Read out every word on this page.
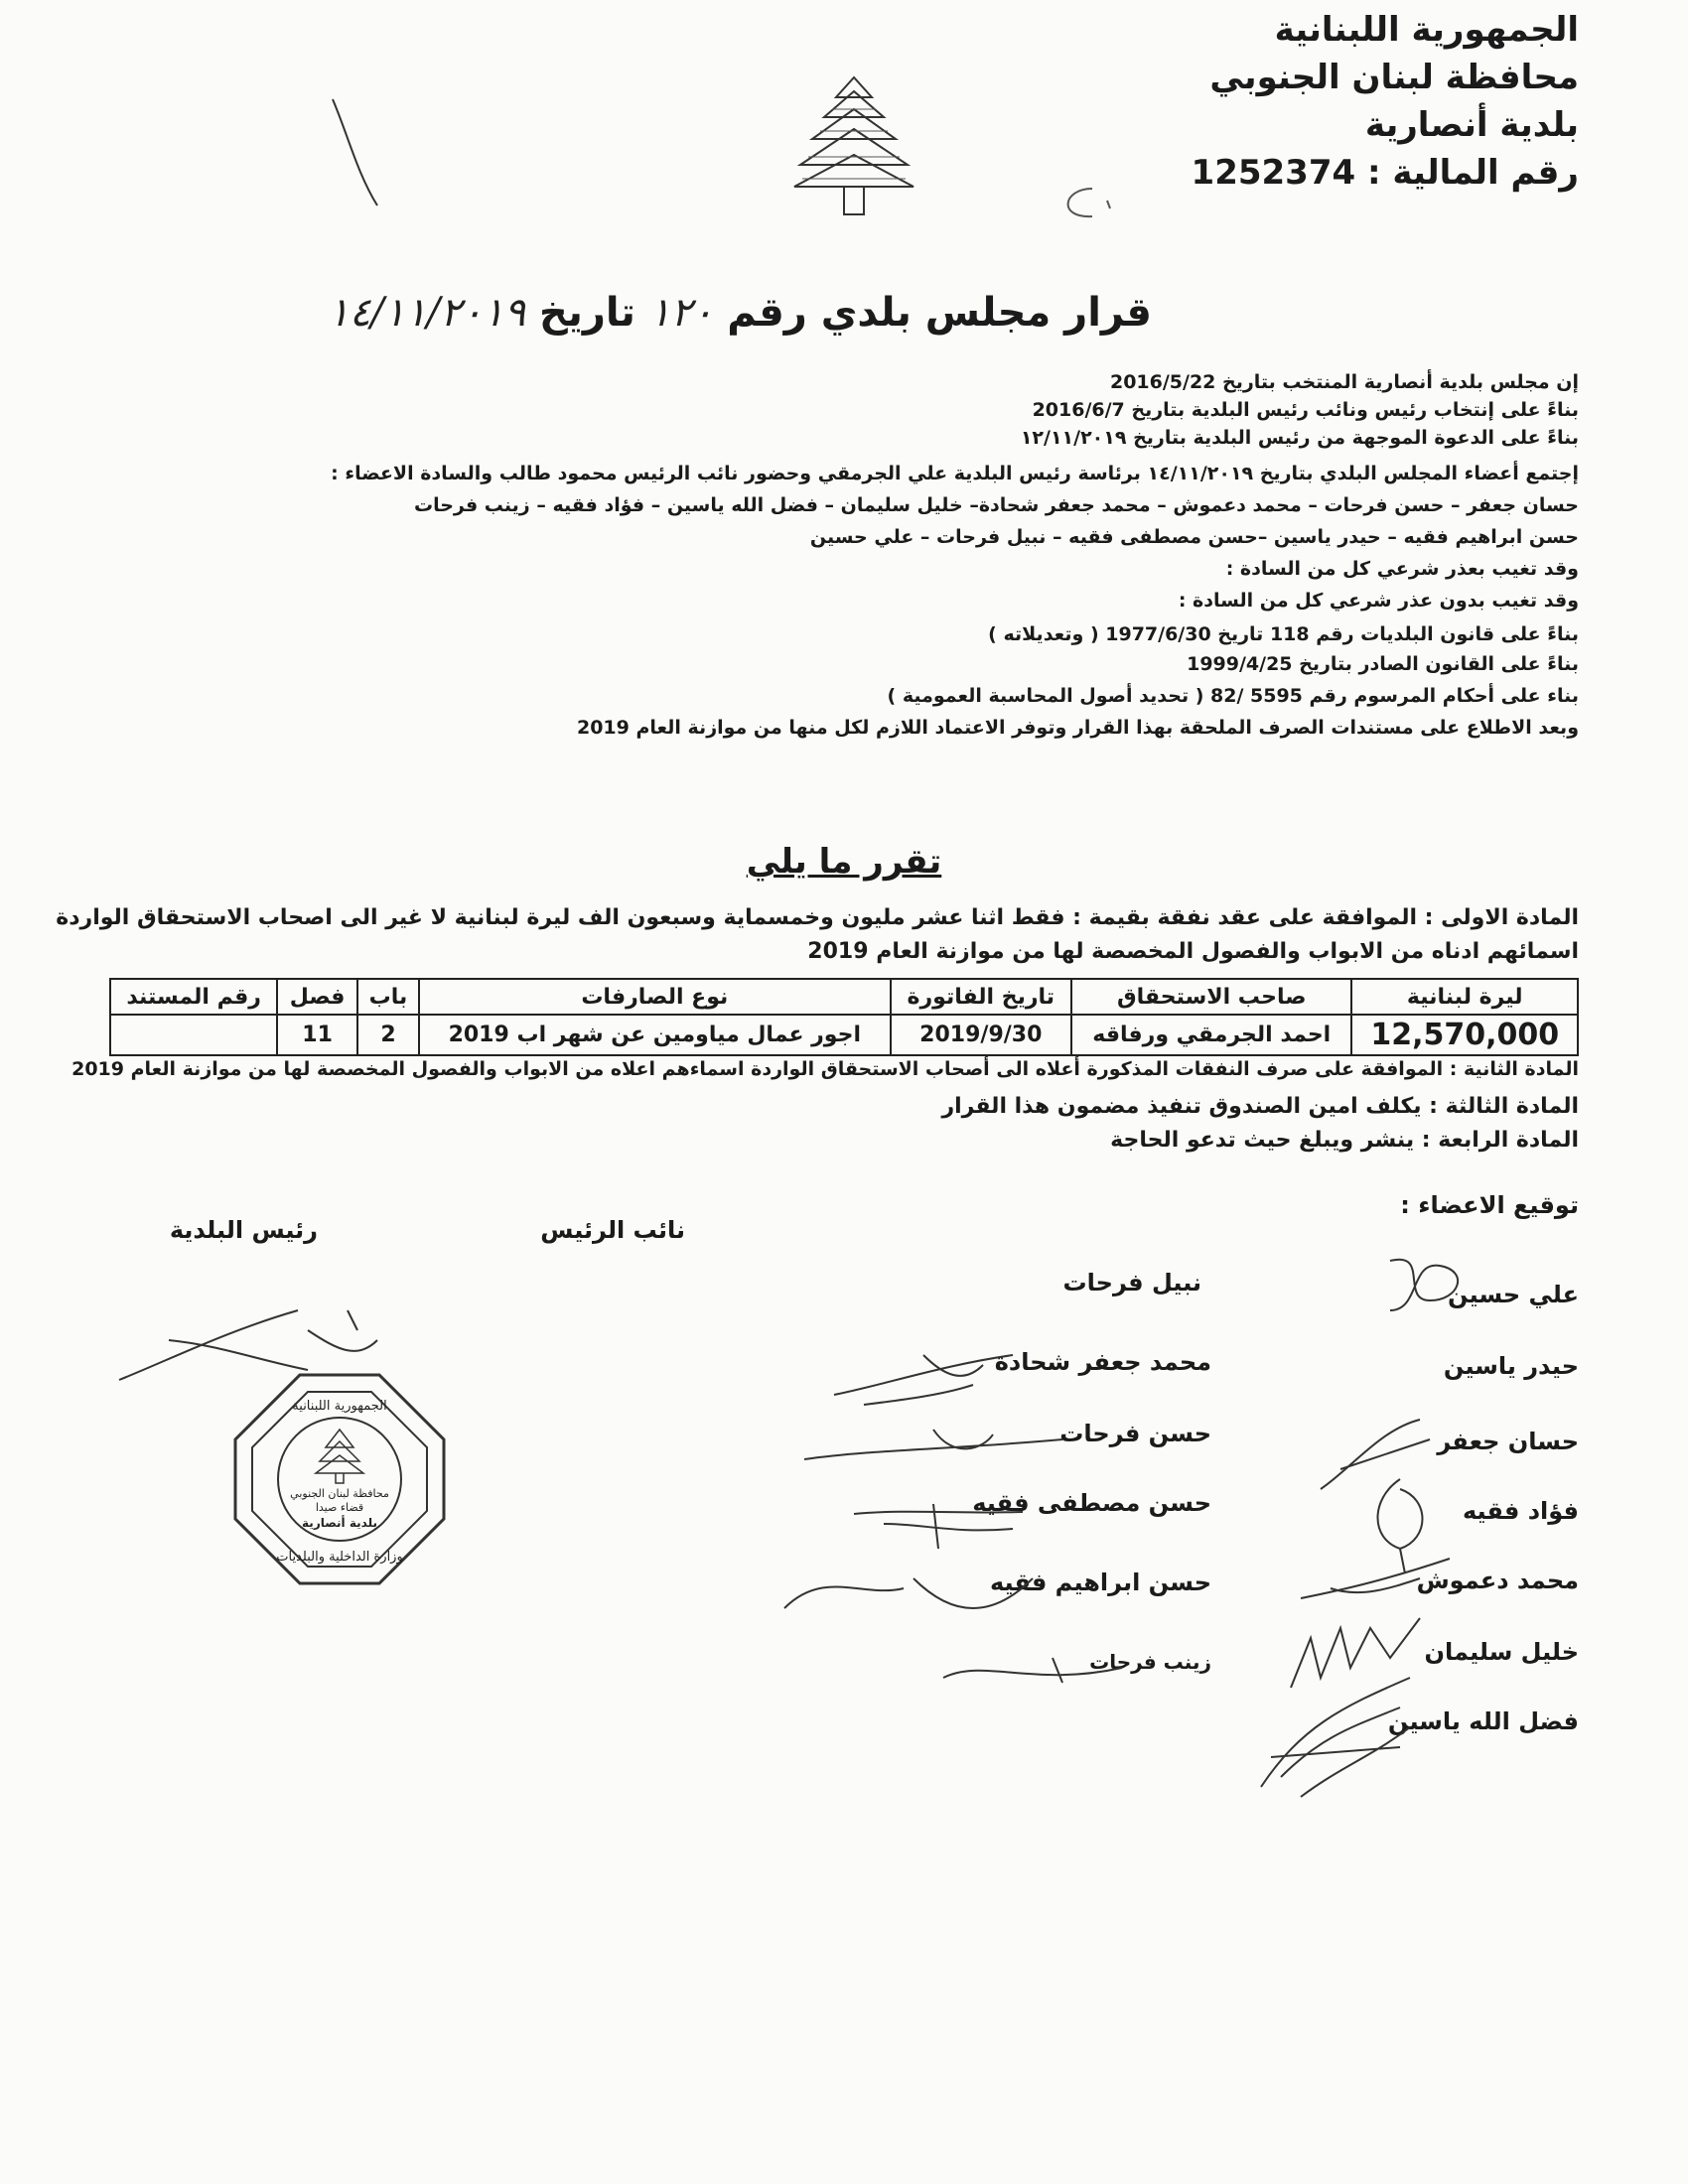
الجمهورية اللبنانية
محافظة لبنان الجنوبي
بلدية أنصارية
رقم المالية : 1252374
قرار مجلس بلدي رقم ١٢٠ تاريخ ١٤/١١/٢٠١٩
إن مجلس بلدية أنصارية المنتخب بتاريخ 2016/5/22
بناءً على إنتخاب رئيس ونائب رئيس البلدية بتاريخ 2016/6/7
بناءً على الدعوة الموجهة من رئيس البلدية بتاريخ ١٢/١١/٢٠١٩
إجتمع أعضاء المجلس البلدي بتاريخ ١٤/١١/٢٠١٩ برئاسة رئيس البلدية علي الجرمقي وحضور نائب الرئيس محمود طالب والسادة الاعضاء :
حسان جعفر – حسن فرحات – محمد دعموش – محمد جعفر شحادة– خليل سليمان – فضل الله ياسين – فؤاد فقيه – زينب فرحات
حسن ابراهيم فقيه – حيدر ياسين –حسن مصطفى فقيه – نبيل فرحات – علي حسين
وقد تغيب بعذر شرعي كل من السادة :
وقد تغيب بدون عذر شرعي كل من السادة :
بناءً على قانون البلديات رقم 118 تاريخ 1977/6/30 ( وتعديلاته )
بناءً على القانون الصادر بتاريخ 1999/4/25
بناء على أحكام المرسوم رقم 5595 /82 ( تحديد أصول المحاسبة العمومية )
وبعد الاطلاع على مستندات الصرف الملحقة بهذا القرار وتوفر الاعتماد اللازم لكل منها من موازنة العام 2019
تقرر ما يلي
المادة الاولى : الموافقة على عقد نفقة بقيمة : فقط اثنا عشر مليون وخمسماية وسبعون الف ليرة لبنانية لا غير الى اصحاب الاستحقاق الواردة
اسمائهم ادناه من الابواب والفصول المخصصة لها من موازنة العام 2019
ليرة لبنانية	صاحب الاستحقاق	تاريخ الفاتورة	نوع الصارفات	باب	فصل	رقم المستند
12,570,000	احمد الجرمقي ورفاقه	2019/9/30	اجور عمال مياومين عن شهر اب 2019	2	11	
المادة الثانية : الموافقة على صرف النفقات المذكورة أعلاه الى أصحاب الاستحقاق الواردة اسماءهم اعلاه من الابواب والفصول المخصصة لها من موازنة العام 2019
المادة الثالثة : يكلف امين الصندوق تنفيذ مضمون هذا القرار
المادة الرابعة : ينشر ويبلغ حيث تدعو الحاجة
توقيع الاعضاء :
نائب الرئيس
رئيس البلدية
علي حسين
حيدر ياسين
حسان جعفر
فؤاد فقيه
محمد دعموش
خليل سليمان
فضل الله ياسين
نبيل فرحات
محمد جعفر شحادة
حسن فرحات
حسن مصطفى فقيه
حسن ابراهيم فقيه
زينب فرحات
محافظة لبنان الجنوبي
قضاء صيدا
بلدية أنصارية
الجمهورية اللبنانية
وزارة الداخلية والبلديات
